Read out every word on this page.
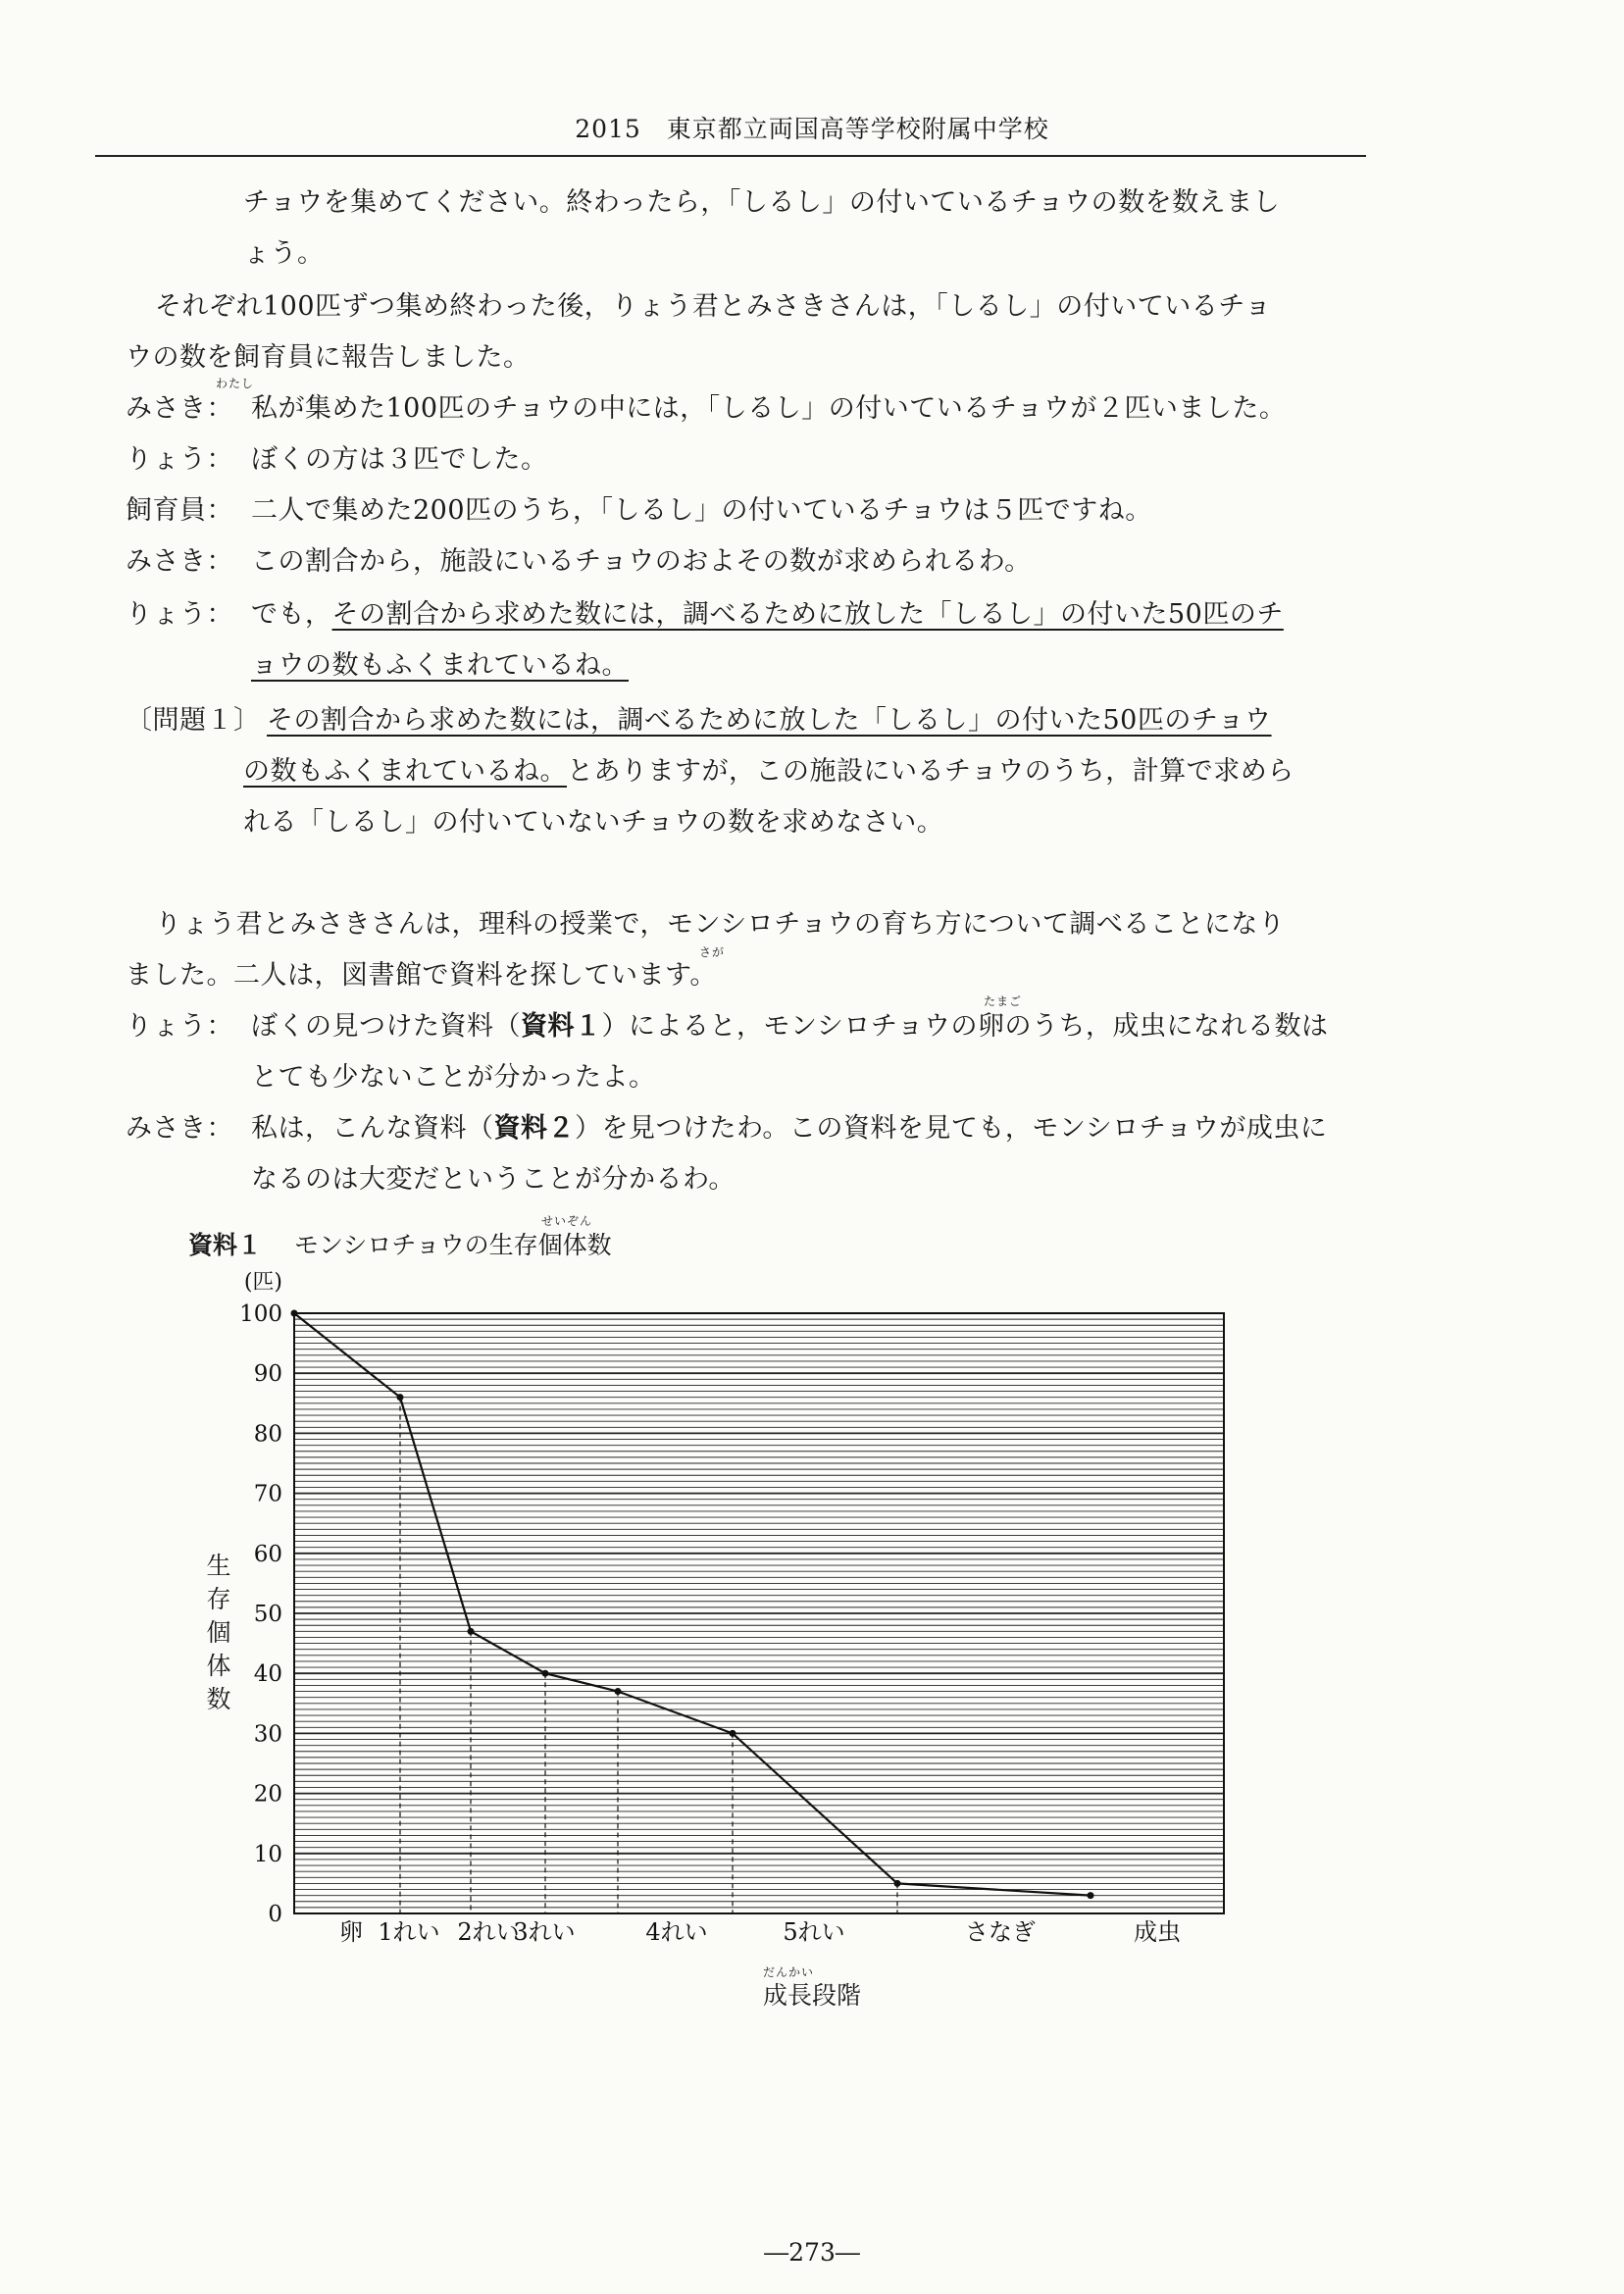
2015　東京都立両国高等学校附属中学校
チョウを集めてください。終わったら，「しるし」の付いているチョウの数を数えまし
ょう。
それぞれ100匹ずつ集め終わった後，りょう君とみさきさんは，「しるし」の付いているチョ
ウの数を飼育員に報告しました。
わたし
みさき： 私が集めた100匹のチョウの中には，「しるし」の付いているチョウが２匹いました。
りょう： ぼくの方は３匹でした。
飼育員： 二人で集めた200匹のうち，「しるし」の付いているチョウは５匹ですね。
みさき： この割合から，施設にいるチョウのおよその数が求められるわ。
りょう： でも，その割合から求めた数には，調べるために放した「しるし」の付いた50匹のチ
ョウの数もふくまれているね。
〔問題１〕 その割合から求めた数には，調べるために放した「しるし」の付いた50匹のチョウ
の数もふくまれているね。とありますが，この施設にいるチョウのうち，計算で求めら
れる「しるし」の付いていないチョウの数を求めなさい。
りょう君とみさきさんは，理科の授業で，モンシロチョウの育ち方について調べることになり
さが
ました。二人は，図書館で資料を探しています。
たまご
りょう： ぼくの見つけた資料（資料１）によると，モンシロチョウの卵のうち，成虫になれる数は
とても少ないことが分かったよ。
みさき： 私は，こんな資料（資料２）を見つけたわ。この資料を見ても，モンシロチョウが成虫に
なるのは大変だということが分かるわ。
せいぞん
資料１ モンシロチョウの生存個体数
生存個体数
0
10
20
30
40
50
60
70
80
90
100
(匹)
卵 1れい 2れい
3れい	4れい	5れい	さなぎ	成虫
だんかい
成長段階
―273―
